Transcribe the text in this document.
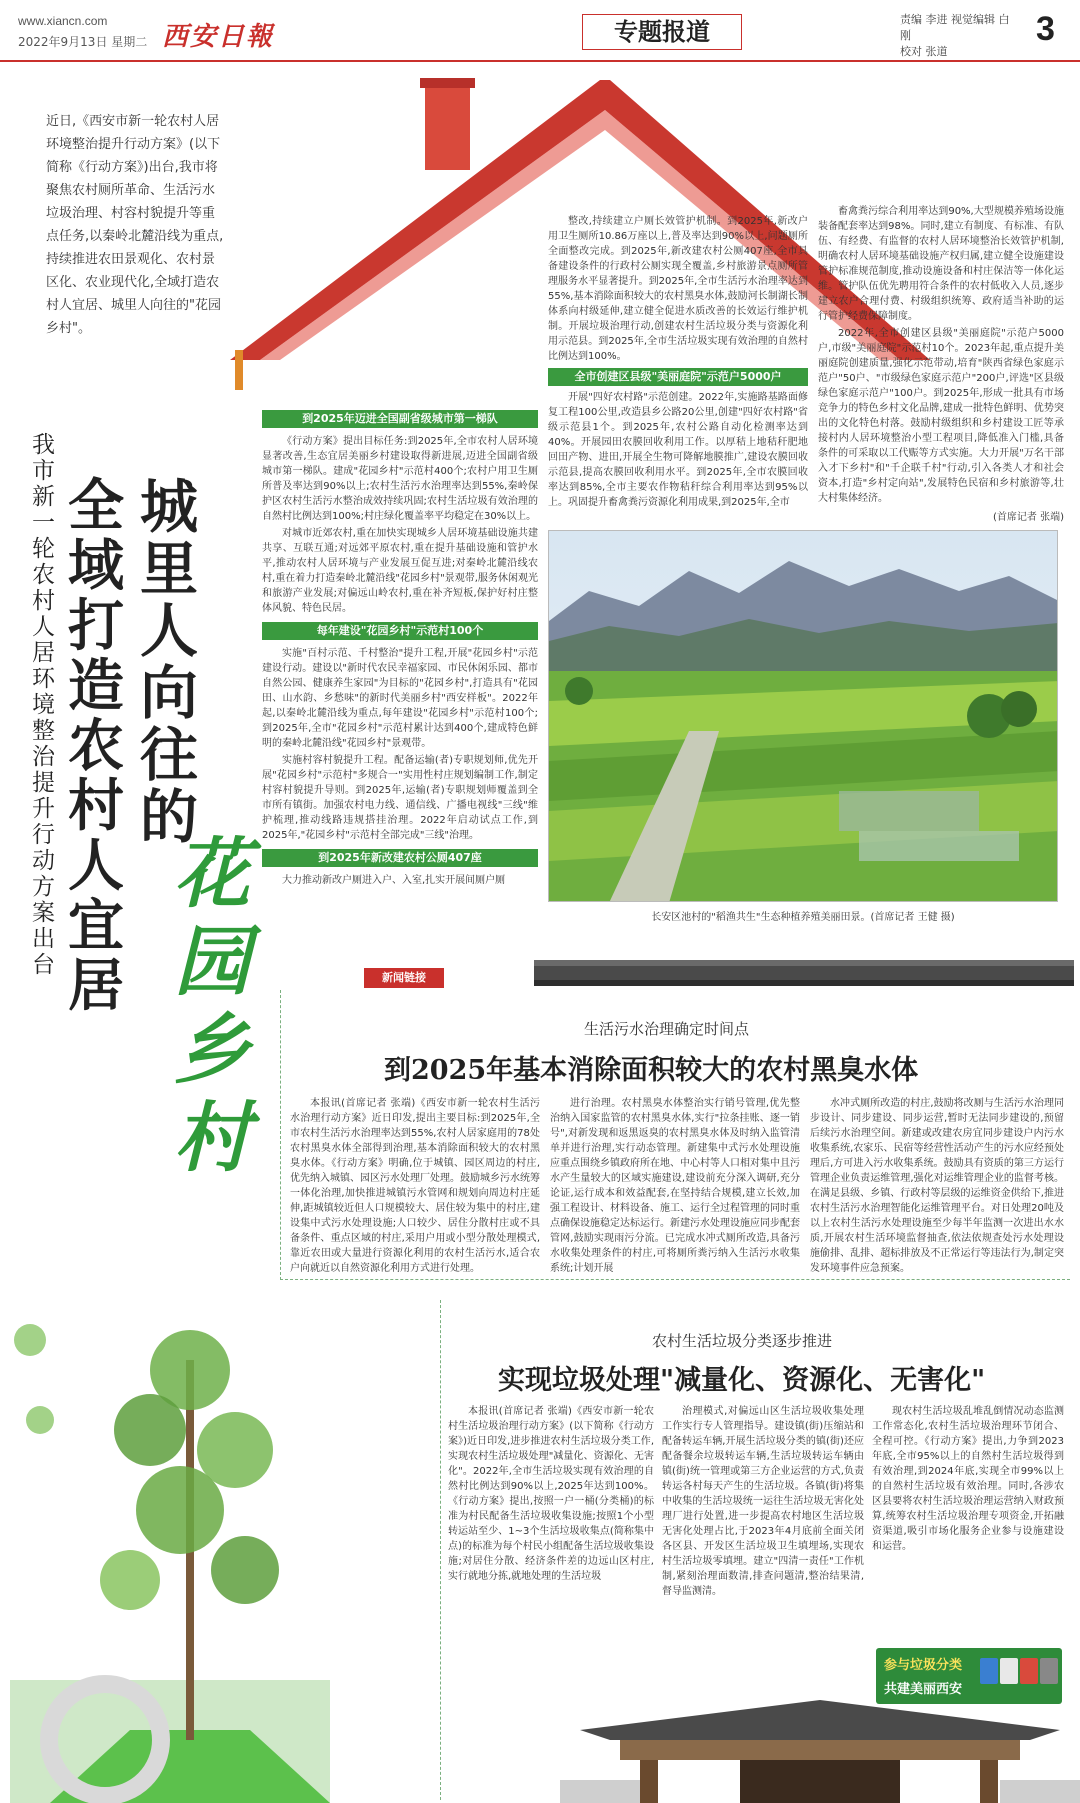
www.xiancn.com
2022年9月13日 星期二 西安日報	专题报道	责编 李进 视觉编辑 白刚
校对 张道
3
近日,《西安市新一轮农村人居环境整治提升行动方案》(以下简称《行动方案》)出台,我市将聚焦农村厕所革命、生活污水垃圾治理、村容村貌提升等重点任务,以秦岭北麓沿线为重点,持续推进农田景观化、农村景区化、农业现代化,全域打造农村人宜居、城里人向往的"花园乡村"。
我市新一轮农村人居环境整治提升行动方案出台
城里人向往的
全域打造农村人宜居
花园乡村
到2025年迈进全国副省级城市第一梯队

《行动方案》提出目标任务:到2025年,全市农村人居环境显著改善,生态宜居美丽乡村建设取得新进展,迈进全国副省级城市第一梯队。建成"花园乡村"示范村400个;农村户用卫生厕所普及率达到90%以上;农村生活污水治理率达到55%,秦岭保护区农村生活污水整治成效持续巩固;农村生活垃圾有效治理的自然村比例达到100%;村庄绿化覆盖率平均稳定在30%以上。

对城市近郊农村,重在加快实现城乡人居环境基础设施共建共享、互联互通;对远郊平原农村,重在提升基础设施和管护水平,推动农村人居环境与产业发展互促互进;对秦岭北麓沿线农村,重在着力打造秦岭北麓沿线"花园乡村"景观带,服务休闲观光和旅游产业发展;对偏远山岭农村,重在补齐短板,保护好村庄整体风貌、特色民居。

每年建设"花园乡村"示范村100个

实施"百村示范、千村整治"提升工程,开展"花园乡村"示范建设行动。建设以"新时代农民幸福家园、市民休闲乐园、都市自然公园、健康养生家园"为目标的"花园乡村",打造具有"花园田、山水韵、乡愁味"的新时代美丽乡村"西安样板"。2022年起,以秦岭北麓沿线为重点,每年建设"花园乡村"示范村100个;到2025年,全市"花园乡村"示范村累计达到400个,建成特色鲜明的秦岭北麓沿线"花园乡村"景观带。

实施村容村貌提升工程。配备运输(者)专职规划师,优先开展"花园乡村"示范村"多规合一"实用性村庄规划编制工作,制定村容村貌提升导则。到2025年,运输(者)专职规划师覆盖到全市所有镇街。加强农村电力线、通信线、广播电视线"三线"维护梳理,推动线路违规搭挂治理。2022年启动试点工作,到2025年,"花园乡村"示范村全部完成"三线"治理。

到2025年新改建农村公厕407座

大力推动新改户厕进入户、入室,扎实开展间厕户厕

整改,持续建立户厕长效管护机制。到2025年,新改户用卫生厕所10.86万座以上,普及率达到90%以上,问题厕所全面整改完成。到2025年,新改建农村公厕407座,全市具备建设条件的行政村公厕实现全覆盖,乡村旅游景点厕所管理服务水平显著提升。到2025年,全市生活污水治理率达到55%,基本消除面积较大的农村黑臭水体,鼓励河长制湖长制体系向村级延伸,建立健全促进水质改善的长效运行维护机制。开展垃圾治理行动,创建农村生活垃圾分类与资源化利用示范县。到2025年,全市生活垃圾实现有效治理的自然村比例达到100%。

全市创建区县级"美丽庭院"示范户5000户

开展"四好农村路"示范创建。2022年,实施路基路面修复工程100公里,改造县乡公路20公里,创建"四好农村路"省级示范县1个。到2025年,农村公路自动化检测率达到40%。开展园田农膜回收利用工作。以厚秸上地秸秆肥地回田产物、进田,开展全生物可降解地膜推广,建设农膜回收示范县,提高农膜回收利用水平。到2025年,全市农膜回收率达到85%,全市主要农作物秸秆综合利用率达到95%以上。巩固提升畜禽粪污资源化利用成果,到2025年,全市

畜禽粪污综合利用率达到90%,大型规模养殖场设施装备配套率达到98%。同时,建立有制度、有标准、有队伍、有经费、有监督的农村人居环境整治长效管护机制,明确农村人居环境基础设施产权归属,建立健全设施建设管护标准规范制度,推动设施设备和村庄保洁等一体化运维。管护队伍优先聘用符合条件的农村低收入人员,逐步建立农户合理付费、村级组织统筹、政府适当补助的运行管护经费保障制度。

2022年,全市创建区县级"美丽庭院"示范户5000户,市级"美丽庭院"示范村10个。2023年起,重点提升美丽庭院创建质量,强化示范带动,培育"陕西省绿色家庭示范户"50户、"市级绿色家庭示范户"200户,评选"区县级绿色家庭示范户"100户。到2025年,形成一批具有市场竞争力的特色乡村文化品牌,建成一批特色鲜明、优势突出的文化特色村落。鼓励村级组织和乡村建设工匠等承接村内人居环境整治小型工程项目,降低准入门槛,具备条件的可采取以工代赈等方式实施。大力开展"万名干部入才下乡村"和"千企联千村"行动,引入各类人才和社会资本,打造"乡村定向站",发展特色民宿和乡村旅游等,壮大村集体经济。

(首席记者 张端)
长安区池村的"稻渔共生"生态种植养殖美丽田景。(首席记者 王健 摄)
新闻链接
生活污水治理确定时间点
到2025年基本消除面积较大的农村黑臭水体

本报讯(首席记者 张端)《西安市新一轮农村生活污水治理行动方案》近日印发,提出主要目标:到2025年,全市农村生活污水治理率达到55%,农村人居家庭用的78处农村黑臭水体全部得到治理,基本消除面积较大的农村黑臭水体。《行动方案》明确,位于城镇、园区周边的村庄,优先纳入城镇、园区污水处理厂处理。鼓励城乡污水统筹一体化治理,加快推进城镇污水管网和规划向周边村庄延伸,距城镇较近但人口规模较大、居住较为集中的村庄,建设集中式污水处理设施;人口较少、居住分散村庄或不具备条件、重点区域的村庄,采用户用或小型分散处理模式,靠近农田或大量进行资源化利用的农村生活污水,适合农户向就近以自然资源化利用方式进行处理。

进行治理。农村黑臭水体整治实行销号管理,优先整治纳入国家监管的农村黑臭水体,实行"拉条挂账、逐一销号",对新发现和返黑返臭的农村黑臭水体及时纳入监管清单并进行治理,实行动态管理。新建集中式污水处理设施应重点围绕乡镇政府所在地、中心村等人口相对集中且污水产生量较大的区域实施建设,建设前充分深入调研,充分论证,运行成本和效益配套,在坚持结合规模,建立长效,加强工程设计、材料设备、施工、运行全过程管理的同时重点确保设施稳定达标运行。新建污水处理设施应同步配套管网,鼓励实现雨污分流。已完成水冲式厕所改造,具备污水收集处理条件的村庄,可将厕所粪污纳入生活污水收集系统;计划开展

水冲式厕所改造的村庄,鼓励将改厕与生活污水治理同步设计、同步建设、同步运营,暂时无法同步建设的,预留后续污水治理空间。新建或改建农房宜同步建设户内污水收集系统,农家乐、民宿等经营性活动产生的污水应经预处理后,方可进入污水收集系统。鼓励具有资质的第三方运行管理企业负责运维管理,强化对运维管理企业的监督考核。在满足县级、乡镇、行政村等层级的运维资金供给下,推进农村生活污水治理智能化运维管理平台。对日处理20吨及以上农村生活污水处理设施至少每半年监测一次进出水水质,开展农村生活环境监督抽查,依法依规查处污水处理设施偷排、乱排、超标排放及不正常运行等违法行为,制定突发环境事件应急预案。

农村生活垃圾分类逐步推进
实现垃圾处理"减量化、资源化、无害化"

本报讯(首席记者 张端)《西安市新一轮农村生活垃圾治理行动方案》(以下简称《行动方案》)近日印发,进步推进农村生活垃圾分类工作,实现农村生活垃圾处理"减量化、资源化、无害化"。2022年,全市生活垃圾实现有效治理的自然村比例达到90%以上,2025年达到100%。《行动方案》提出,按照一户一桶(分类桶)的标准为村民配备生活垃圾收集设施;按照1个小型转运站至少、1~3个生活垃圾收集点(简称集中点)的标准为每个村民小组配备生活垃圾收集设施;对居住分散、经济条件差的边远山区村庄,实行就地分拣,就地处理的生活垃圾

治理模式,对偏远山区生活垃圾收集处理工作实行专人管理指导。建设镇(街)压缩站和配备转运车辆,开展生活垃圾分类的镇(街)还应配备餐余垃圾转运车辆,生活垃圾转运车辆由镇(街)统一管理或第三方企业运营的方式,负责转运各村每天产生的生活垃圾。各镇(街)将集中收集的生活垃圾统一运往生活垃圾无害化处理厂进行处置,进一步提高农村地区生活垃圾无害化处理占比,于2023年4月底前全面关闭各区县、开发区生活垃圾卫生填埋场,实现农村生活垃圾零填埋。建立"四清一责任"工作机制,紧刻治理面数清,排查问题清,整治结果清,督导监测清。

现农村生活垃圾乱堆乱倒情况动态监测工作常态化,农村生活垃圾治理环节闭合、全程可控。《行动方案》提出,力争到2023年底,全市95%以上的自然村生活垃圾得到有效治理,到2024年底,实现全市99%以上的自然村生活垃圾有效治理。同时,各涉农区县要将农村生活垃圾治理运营纳入财政预算,统筹农村生活垃圾治理专项资金,开拓融资渠道,吸引市场化服务企业参与设施建设和运营。

参与垃圾分类
共建美丽西安
